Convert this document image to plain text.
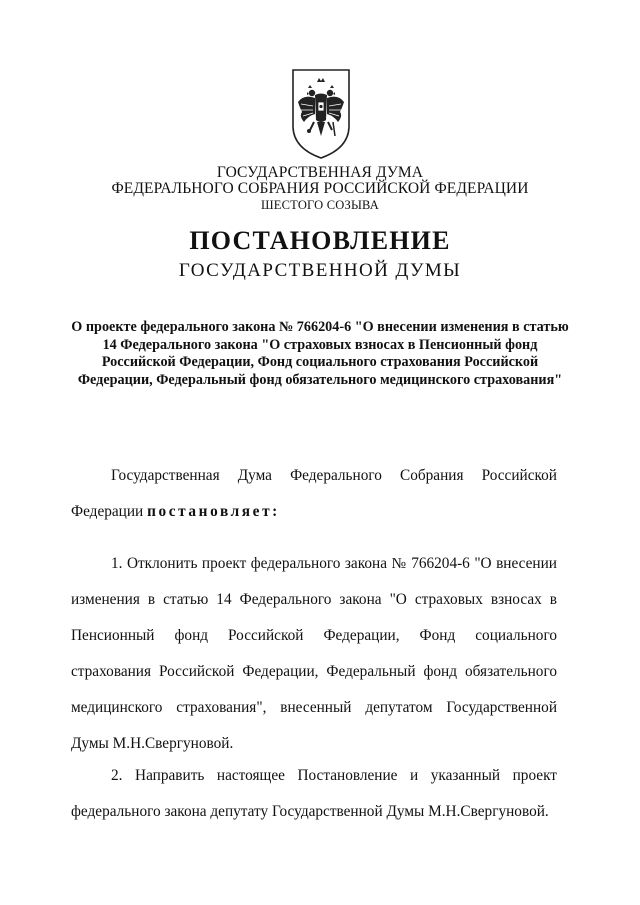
ГОСУДАРСТВЕННАЯ ДУМА
ФЕДЕРАЛЬНОГО СОБРАНИЯ РОССИЙСКОЙ ФЕДЕРАЦИИ
ШЕСТОГО СОЗЫВА
ПОСТАНОВЛЕНИЕ
ГОСУДАРСТВЕННОЙ ДУМЫ
О проекте федерального закона № 766204-6 "О внесении изменения в статью 14 Федерального закона "О страховых взносах в Пенсионный фонд Российской Федерации, Фонд социального страхования Российской Федерации, Федеральный фонд обязательного медицинского страхования"
Государственная Дума Федерального Собрания Российской Федерации постановляет:
1. Отклонить проект федерального закона № 766204-6 "О внесении изменения в статью 14 Федерального закона "О страховых взносах в Пенсионный фонд Российской Федерации, Фонд социального страхования Российской Федерации, Федеральный фонд обязательного медицинского страхования", внесенный депутатом Государственной Думы М.Н.Свергуновой.
2. Направить настоящее Постановление и указанный проект федерального закона депутату Государственной Думы М.Н.Свергуновой.
